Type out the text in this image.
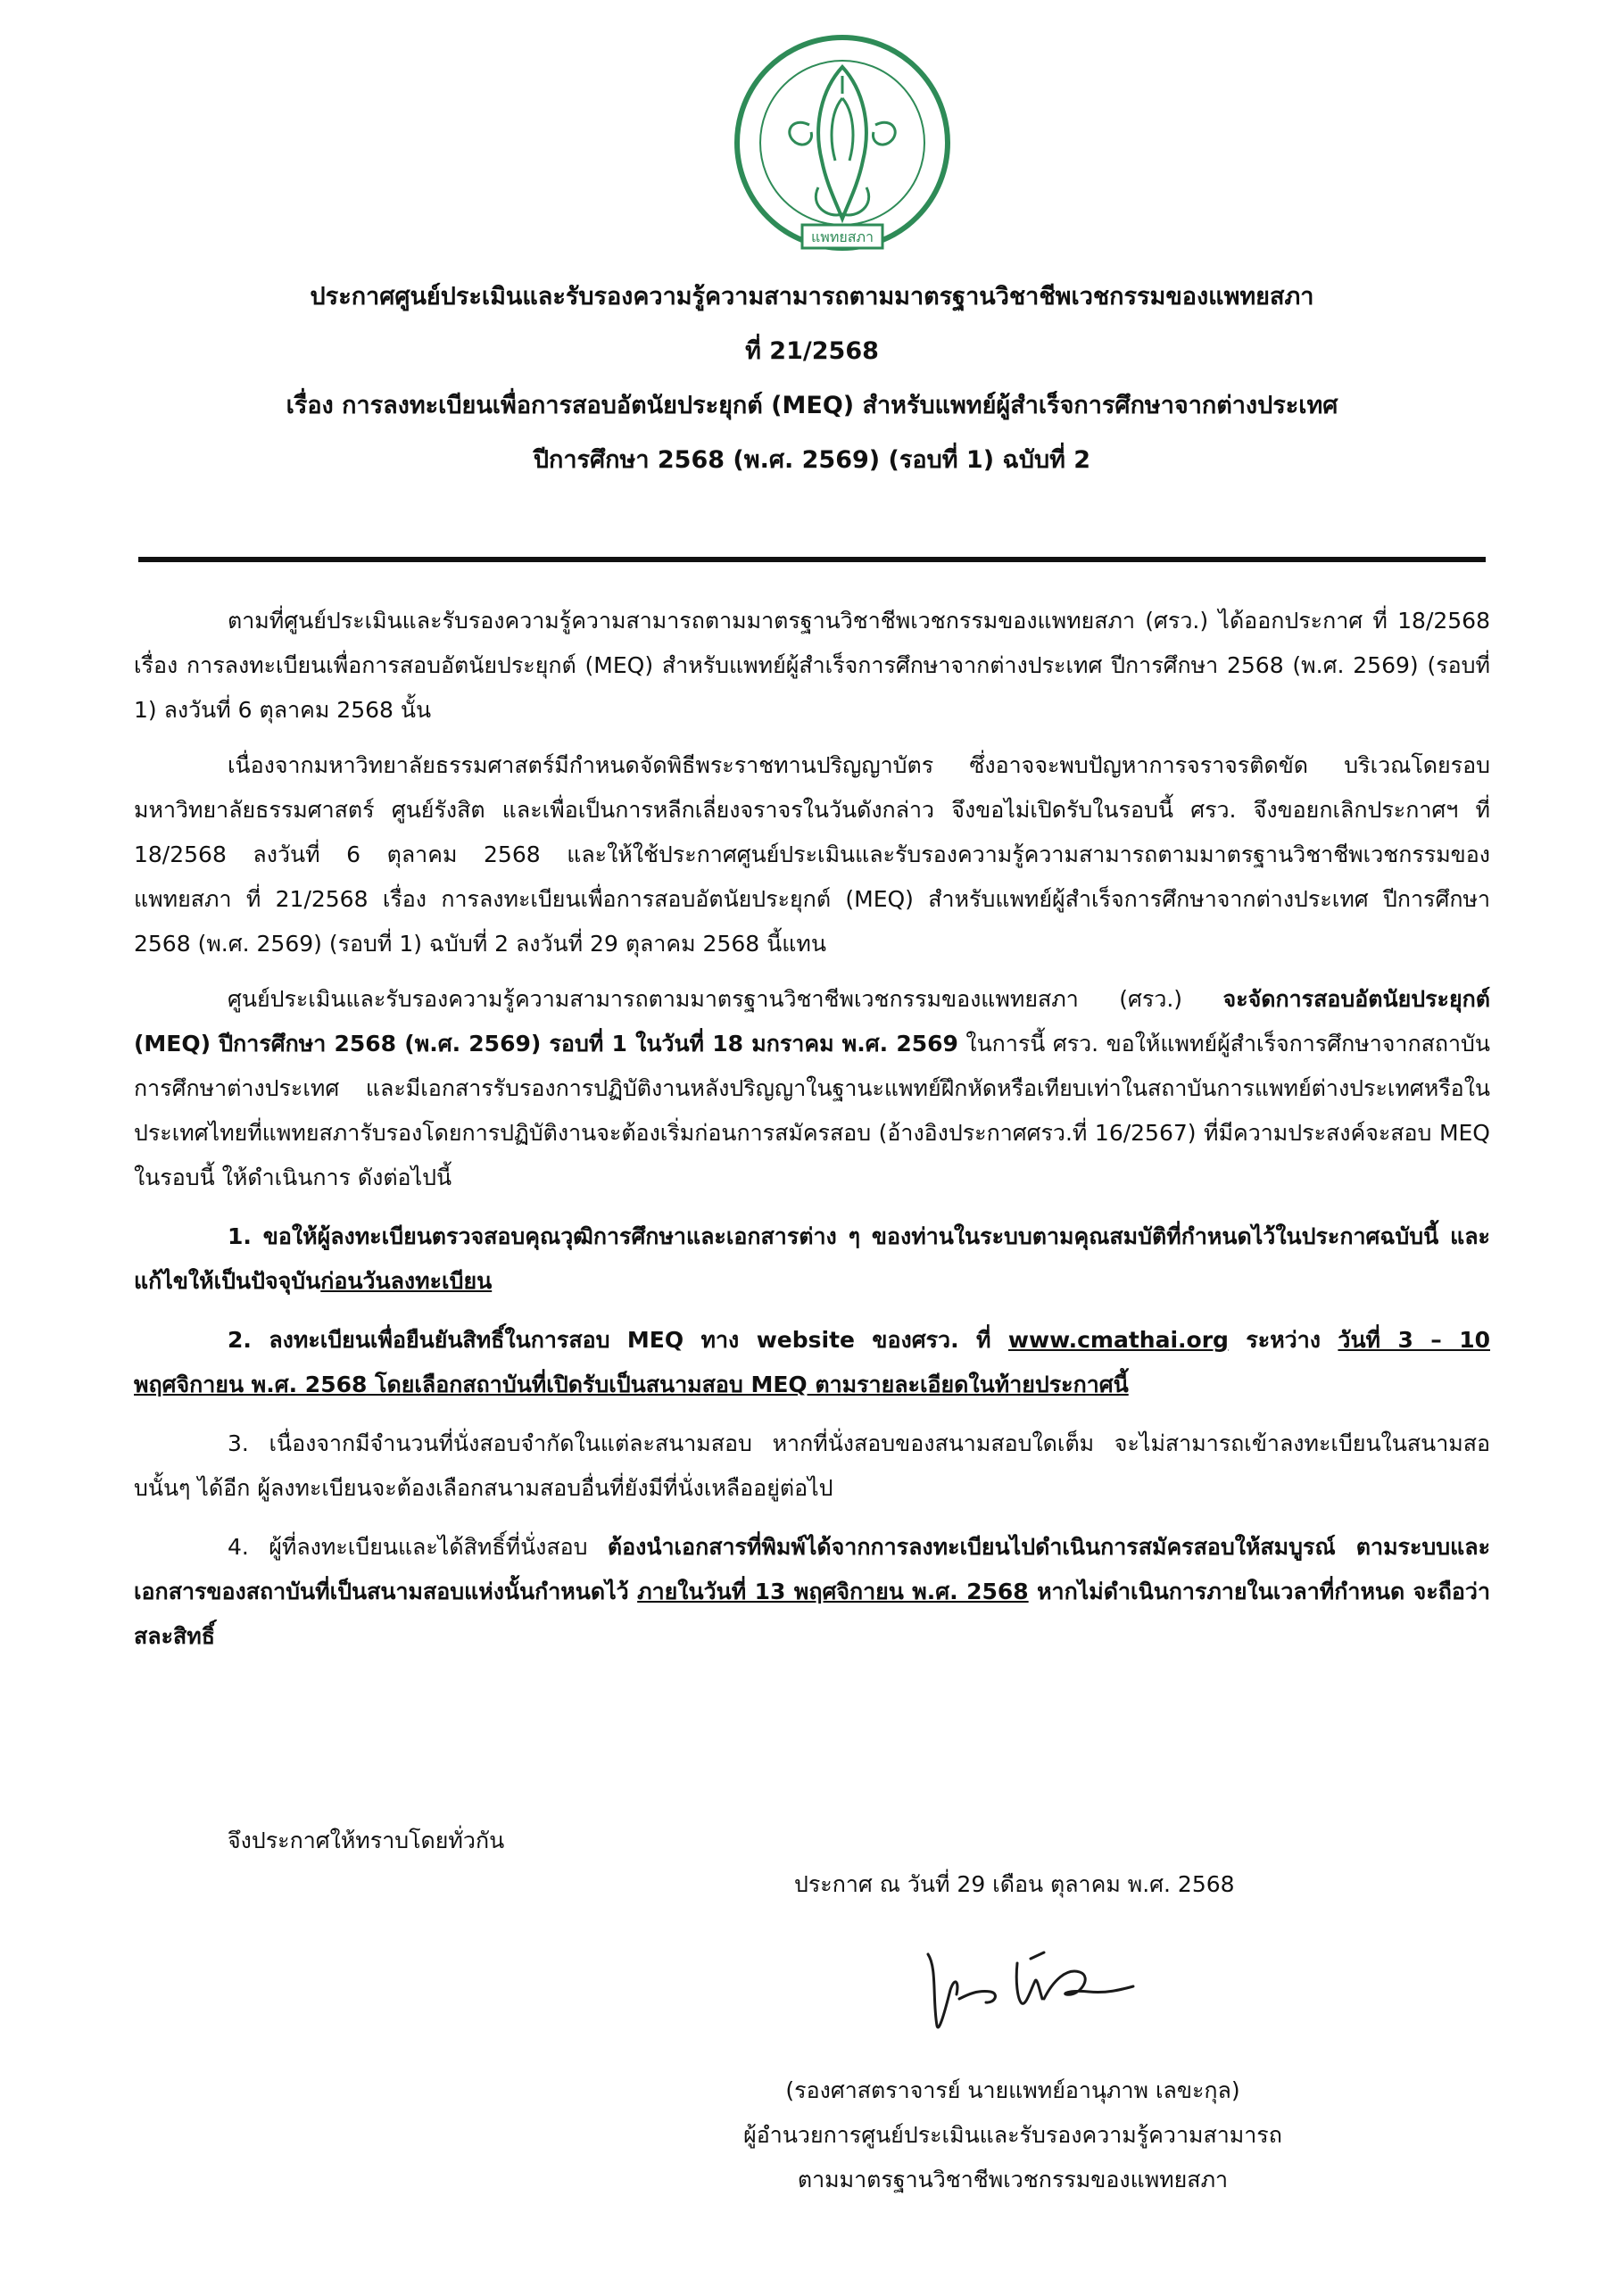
แพทยสภา
ประกาศศูนย์ประเมินและรับรองความรู้ความสามารถตามมาตรฐานวิชาชีพเวชกรรมของแพทยสภา
ที่ 21/2568
เรื่อง การลงทะเบียนเพื่อการสอบอัตนัยประยุกต์ (MEQ) สำหรับแพทย์ผู้สำเร็จการศึกษาจากต่างประเทศ
ปีการศึกษา 2568 (พ.ศ. 2569) (รอบที่ 1) ฉบับที่ 2

ตามที่ศูนย์ประเมินและรับรองความรู้ความสามารถตามมาตรฐานวิชาชีพเวชกรรมของแพทยสภา (ศรว.) ได้ออกประกาศ ที่ 18/2568 เรื่อง การลงทะเบียนเพื่อการสอบอัตนัยประยุกต์ (MEQ) สำหรับแพทย์ผู้สำเร็จการศึกษาจากต่างประเทศ ปีการศึกษา 2568 (พ.ศ. 2569) (รอบที่ 1) ลงวันที่ 6 ตุลาคม 2568 นั้น

เนื่องจากมหาวิทยาลัยธรรมศาสตร์มีกำหนดจัดพิธีพระราชทานปริญญาบัตร ซึ่งอาจจะพบปัญหาการจราจรติดขัด บริเวณโดยรอบมหาวิทยาลัยธรรมศาสตร์ ศูนย์รังสิต และเพื่อเป็นการหลีกเลี่ยงจราจรในวันดังกล่าว จึงขอไม่เปิดรับในรอบนี้ ศรว. จึงขอยกเลิกประกาศฯ ที่ 18/2568 ลงวันที่ 6 ตุลาคม 2568 และให้ใช้ประกาศศูนย์ประเมินและรับรองความรู้ความสามารถตามมาตรฐานวิชาชีพเวชกรรมของแพทยสภา ที่ 21/2568 เรื่อง การลงทะเบียนเพื่อการสอบอัตนัยประยุกต์ (MEQ) สำหรับแพทย์ผู้สำเร็จการศึกษาจากต่างประเทศ ปีการศึกษา 2568 (พ.ศ. 2569) (รอบที่ 1) ฉบับที่ 2 ลงวันที่ 29 ตุลาคม 2568 นี้แทน

ศูนย์ประเมินและรับรองความรู้ความสามารถตามมาตรฐานวิชาชีพเวชกรรมของแพทยสภา (ศรว.) จะจัดการสอบอัตนัยประยุกต์ (MEQ) ปีการศึกษา 2568 (พ.ศ. 2569) รอบที่ 1 ในวันที่ 18 มกราคม พ.ศ. 2569 ในการนี้ ศรว. ขอให้แพทย์ผู้สำเร็จการศึกษาจากสถาบันการศึกษาต่างประเทศ และมีเอกสารรับรองการปฏิบัติงานหลังปริญญาในฐานะแพทย์ฝึกหัดหรือเทียบเท่าในสถาบันการแพทย์ต่างประเทศหรือในประเทศไทยที่แพทยสภารับรองโดยการปฏิบัติงานจะต้องเริ่มก่อนการสมัครสอบ (อ้างอิงประกาศศรว.ที่ 16/2567) ที่มีความประสงค์จะสอบ MEQ ในรอบนี้ ให้ดำเนินการ ดังต่อไปนี้

1. ขอให้ผู้ลงทะเบียนตรวจสอบคุณวุฒิการศึกษาและเอกสารต่าง ๆ ของท่านในระบบตามคุณสมบัติที่กำหนดไว้ในประกาศฉบับนี้ และแก้ไขให้เป็นปัจจุบันก่อนวันลงทะเบียน

2. ลงทะเบียนเพื่อยืนยันสิทธิ์ในการสอบ MEQ ทาง website ของศรว. ที่ www.cmathai.org ระหว่าง วันที่ 3 – 10 พฤศจิกายน พ.ศ. 2568 โดยเลือกสถาบันที่เปิดรับเป็นสนามสอบ MEQ ตามรายละเอียดในท้ายประกาศนี้

3. เนื่องจากมีจำนวนที่นั่งสอบจำกัดในแต่ละสนามสอบ หากที่นั่งสอบของสนามสอบใดเต็ม จะไม่สามารถเข้าลงทะเบียนในสนามสอบนั้นๆ ได้อีก ผู้ลงทะเบียนจะต้องเลือกสนามสอบอื่นที่ยังมีที่นั่งเหลืออยู่ต่อไป

4. ผู้ที่ลงทะเบียนและได้สิทธิ์ที่นั่งสอบ ต้องนำเอกสารที่พิมพ์ได้จากการลงทะเบียนไปดำเนินการสมัครสอบให้สมบูรณ์ ตามระบบและเอกสารของสถาบันที่เป็นสนามสอบแห่งนั้นกำหนดไว้ ภายในวันที่ 13 พฤศจิกายน พ.ศ. 2568 หากไม่ดำเนินการภายในเวลาที่กำหนด จะถือว่าสละสิทธิ์

จึงประกาศให้ทราบโดยทั่วกัน
ประกาศ ณ วันที่ 29 เดือน ตุลาคม พ.ศ. 2568
(รองศาสตราจารย์ นายแพทย์อานุภาพ เลขะกุล)
ผู้อำนวยการศูนย์ประเมินและรับรองความรู้ความสามารถ
ตามมาตรฐานวิชาชีพเวชกรรมของแพทยสภา
